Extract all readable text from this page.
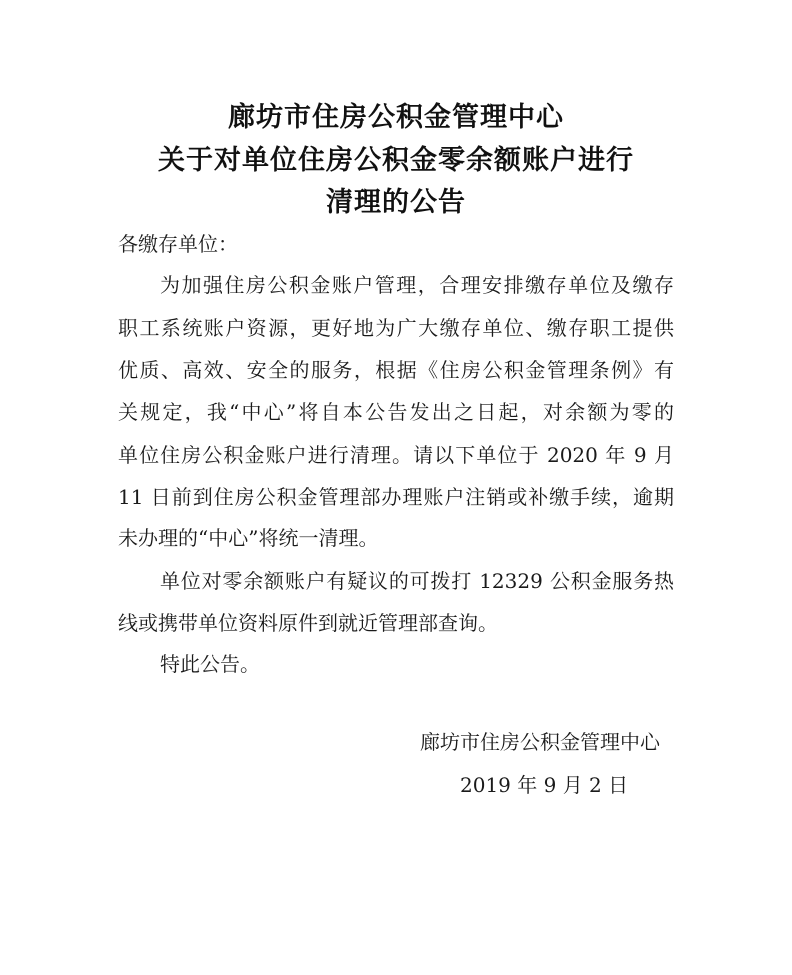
廊坊市住房公积金管理中心
关于对单位住房公积金零余额账户进行
清理的公告
各缴存单位：
为加强住房公积金账户管理，合理安排缴存单位及缴存
职工系统账户资源，更好地为广大缴存单位、缴存职工提供
优质、高效、安全的服务，根据《住房公积金管理条例》有
关规定，我“中心”将自本公告发出之日起，对余额为零的
单位住房公积金账户进行清理。请以下单位于 2020 年 9 月
11 日前到住房公积金管理部办理账户注销或补缴手续，逾期
未办理的“中心”将统一清理。
单位对零余额账户有疑议的可拨打 12329 公积金服务热
线或携带单位资料原件到就近管理部查询。
特此公告。
廊坊市住房公积金管理中心
2019 年 9 月 2 日
